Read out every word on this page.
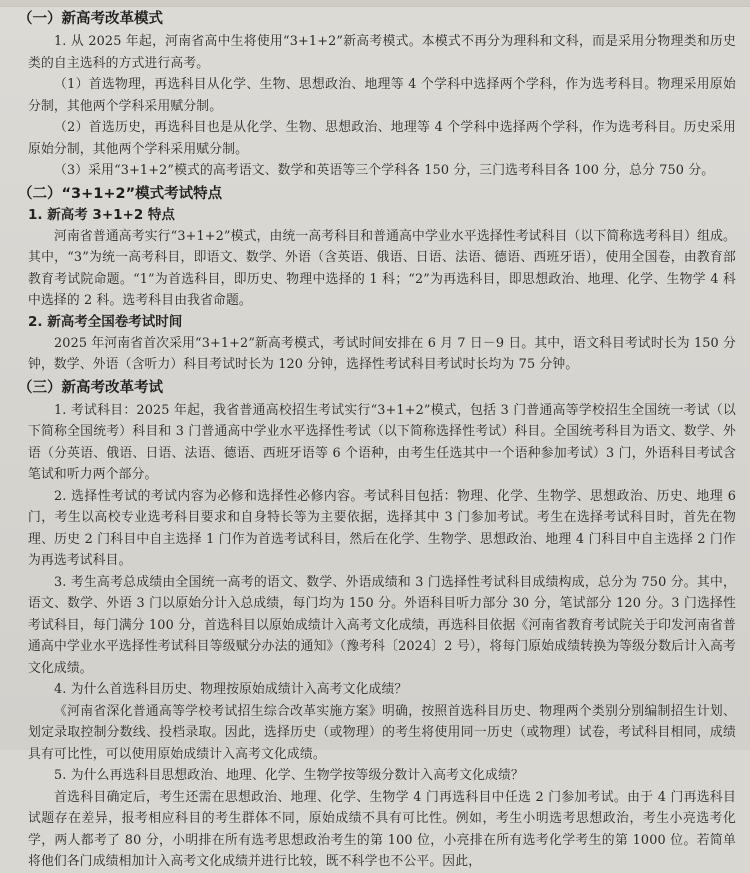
（一）新高考改革模式

1. 从 2025 年起，河南省高中生将使用“3+1+2”新高考模式。本模式不再分为理科和文科，而是采用分物理类和历史类的自主选科的方式进行高考。

（1）首选物理，再选科目从化学、生物、思想政治、地理等 4 个学科中选择两个学科，作为选考科目。物理采用原始分制，其他两个学科采用赋分制。

（2）首选历史，再选科目也是从化学、生物、思想政治、地理等 4 个学科中选择两个学科，作为选考科目。历史采用原始分制，其他两个学科采用赋分制。

（3）采用“3+1+2”模式的高考语文、数学和英语等三个学科各 150 分，三门选考科目各 100 分，总分 750 分。

（二）“3+1+2”模式考试特点
1. 新高考 3+1+2 特点

河南省普通高考实行“3+1+2”模式，由统一高考科目和普通高中学业水平选择性考试科目（以下简称选考科目）组成。其中，“3”为统一高考科目，即语文、数学、外语（含英语、俄语、日语、法语、德语、西班牙语），使用全国卷，由教育部教育考试院命题。“1”为首选科目，即历史、物理中选择的 1 科；“2”为再选科目，即思想政治、地理、化学、生物学 4 科中选择的 2 科。选考科目由我省命题。

2. 新高考全国卷考试时间

2025 年河南省首次采用“3+1+2”新高考模式，考试时间安排在 6 月 7 日－9 日。其中，语文科目考试时长为 150 分钟，数学、外语（含听力）科目考试时长为 120 分钟，选择性考试科目考试时长均为 75 分钟。

（三）新高考改革考试

1. 考试科目：2025 年起，我省普通高校招生考试实行“3+1+2”模式，包括 3 门普通高等学校招生全国统一考试（以下简称全国统考）科目和 3 门普通高中学业水平选择性考试（以下简称选择性考试）科目。全国统考科目为语文、数学、外语（分英语、俄语、日语、法语、德语、西班牙语等 6 个语种，由考生任选其中一个语种参加考试）3 门，外语科目考试含笔试和听力两个部分。

2. 选择性考试的考试内容为必修和选择性必修内容。考试科目包括：物理、化学、生物学、思想政治、历史、地理 6 门，考生以高校专业选考科目要求和自身特长等为主要依据，选择其中 3 门参加考试。考生在选择考试科目时，首先在物理、历史 2 门科目中自主选择 1 门作为首选考试科目，然后在化学、生物学、思想政治、地理 4 门科目中自主选择 2 门作为再选考试科目。

3. 考生高考总成绩由全国统一高考的语文、数学、外语成绩和 3 门选择性考试科目成绩构成，总分为 750 分。其中，语文、数学、外语 3 门以原始分计入总成绩，每门均为 150 分。外语科目听力部分 30 分，笔试部分 120 分。3 门选择性考试科目，每门满分 100 分，首选科目以原始成绩计入高考文化成绩，再选科目依据《河南省教育考试院关于印发河南省普通高中学业水平选择性考试科目等级赋分办法的通知》（豫考科〔2024〕2 号），将每门原始成绩转换为等级分数后计入高考文化成绩。

4. 为什么首选科目历史、物理按原始成绩计入高考文化成绩？

《河南省深化普通高等学校考试招生综合改革实施方案》明确，按照首选科目历史、物理两个类别分别编制招生计划、划定录取控制分数线、投档录取。因此，选择历史（或物理）的考生将使用同一历史（或物理）试卷，考试科目相同，成绩具有可比性，可以使用原始成绩计入高考文化成绩。

5. 为什么再选科目思想政治、地理、化学、生物学按等级分数计入高考文化成绩？

首选科目确定后，考生还需在思想政治、地理、化学、生物学 4 门再选科目中任选 2 门参加考试。由于 4 门再选科目试题存在差异，报考相应科目的考生群体不同，原始成绩不具有可比性。例如，考生小明选考思想政治，考生小亮选考化学，两人都考了 80 分，小明排在所有选考思想政治考生的第 100 位，小亮排在所有选考化学考生的第 1000 位。若简单将他们各门成绩相加计入高考文化成绩并进行比较，既不科学也不公平。因此，
